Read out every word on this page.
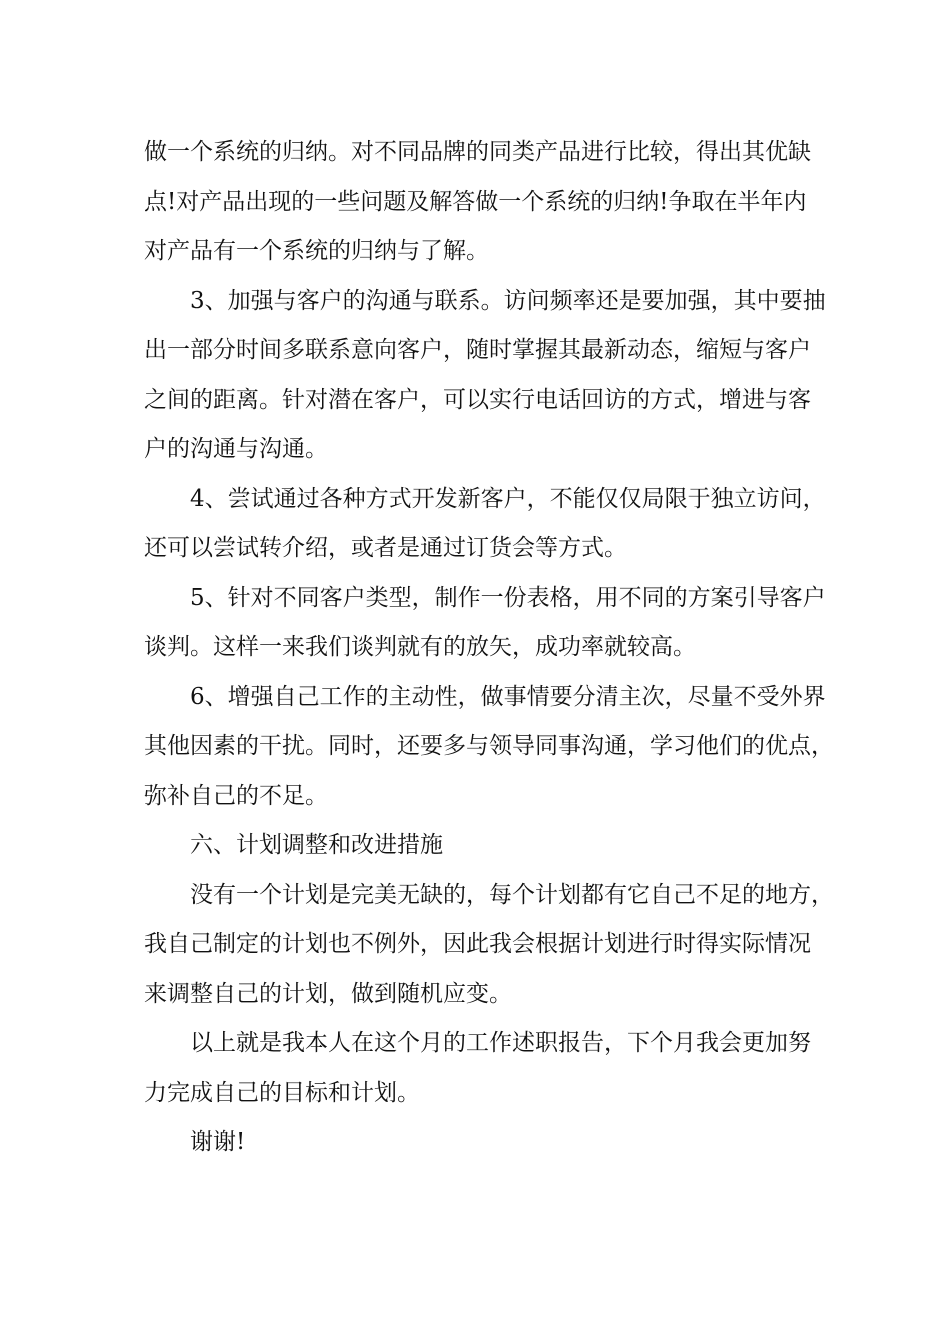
做一个系统的归纳。对不同品牌的同类产品进行比较，得出其优缺
点!对产品出现的一些问题及解答做一个系统的归纳!争取在半年内
对产品有一个系统的归纳与了解。

3、加强与客户的沟通与联系。访问频率还是要加强，其中要抽
出一部分时间多联系意向客户，随时掌握其最新动态，缩短与客户
之间的距离。针对潜在客户，可以实行电话回访的方式，增进与客
户的沟通与沟通。

4、尝试通过各种方式开发新客户，不能仅仅局限于独立访问，
还可以尝试转介绍，或者是通过订货会等方式。

5、针对不同客户类型，制作一份表格，用不同的方案引导客户
谈判。这样一来我们谈判就有的放矢，成功率就较高。

6、增强自己工作的主动性，做事情要分清主次，尽量不受外界
其他因素的干扰。同时，还要多与领导同事沟通，学习他们的优点，
弥补自己的不足。

六、计划调整和改进措施

没有一个计划是完美无缺的，每个计划都有它自己不足的地方，
我自己制定的计划也不例外，因此我会根据计划进行时得实际情况
来调整自己的计划，做到随机应变。

以上就是我本人在这个月的工作述职报告，下个月我会更加努
力完成自己的目标和计划。

谢谢!
